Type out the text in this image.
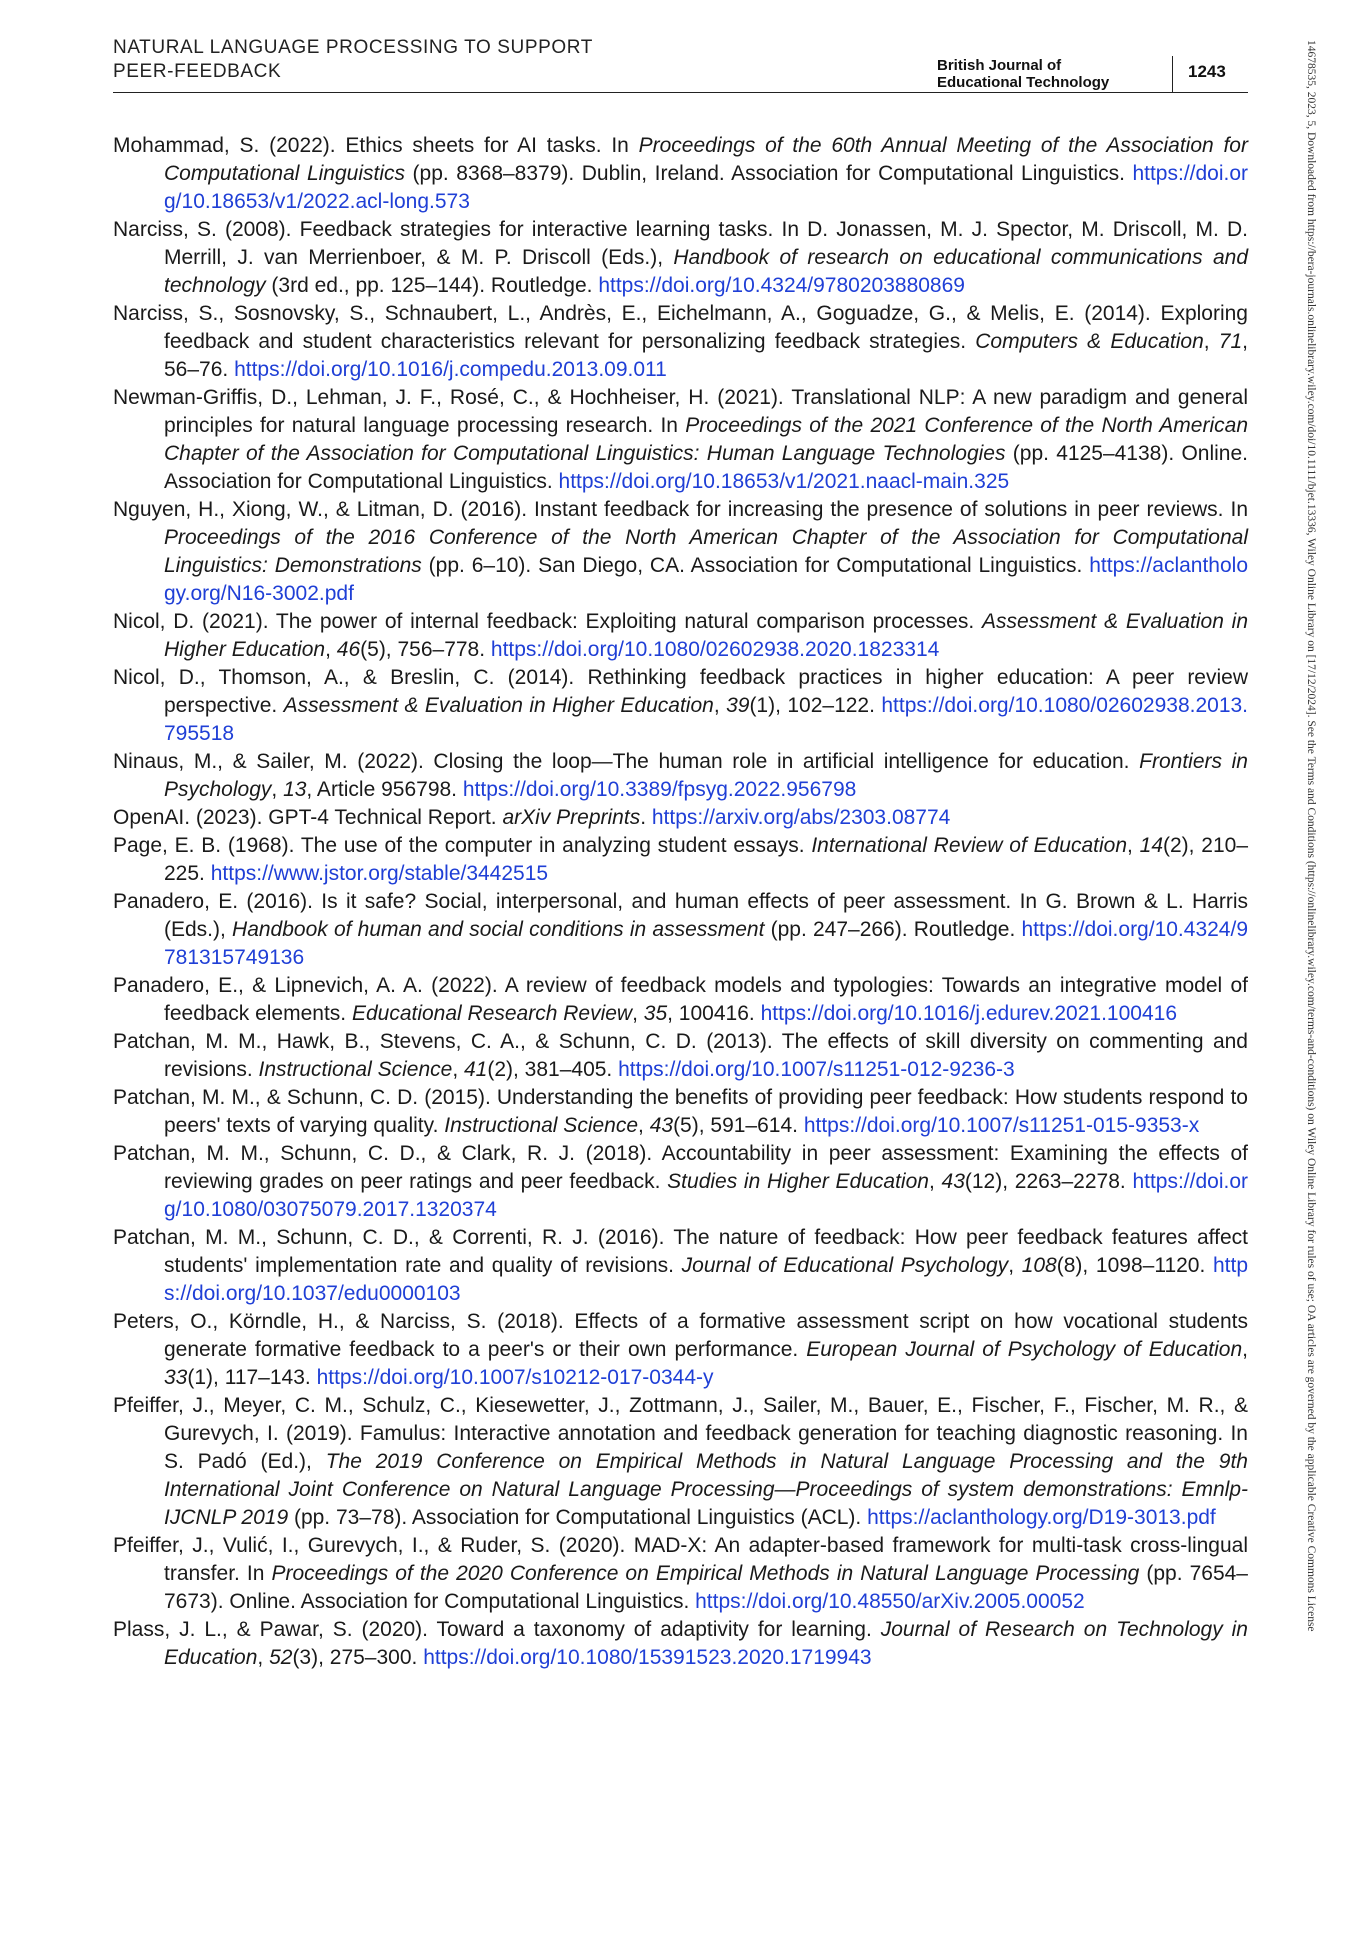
NATURAL LANGUAGE PROCESSING TO SUPPORT
PEER-FEEDBACK	British Journal of
Educational Technology
1243

Mohammad, S. (2022). Ethics sheets for AI tasks. In Proceedings of the 60th Annual Meeting of the Association for Computational Linguistics (pp. 8368–8379). Dublin, Ireland. Association for Computational Linguistics. https://doi.org/10.18653/v1/2022.acl-long.573

Narciss, S. (2008). Feedback strategies for interactive learning tasks. In D. Jonassen, M. J. Spector, M. Driscoll, M. D. Merrill, J. van Merrienboer, & M. P. Driscoll (Eds.), Handbook of research on educational communications and technology (3rd ed., pp. 125–144). Routledge. https://doi.org/10.4324/9780203880869

Narciss, S., Sosnovsky, S., Schnaubert, L., Andrès, E., Eichelmann, A., Goguadze, G., & Melis, E. (2014). Exploring feedback and student characteristics relevant for personalizing feedback strategies. Computers & Education, 71, 56–76. https://doi.org/10.1016/j.compedu.2013.09.011

Newman-Griffis, D., Lehman, J. F., Rosé, C., & Hochheiser, H. (2021). Translational NLP: A new paradigm and general principles for natural language processing research. In Proceedings of the 2021 Conference of the North American Chapter of the Association for Computational Linguistics: Human Language Technologies (pp. 4125–4138). Online. Association for Computational Linguistics. https://doi.org/10.18653/v1/2021.naacl-main.325

Nguyen, H., Xiong, W., & Litman, D. (2016). Instant feedback for increasing the presence of solutions in peer reviews. In Proceedings of the 2016 Conference of the North American Chapter of the Association for Computational Linguistics: Demonstrations (pp. 6–10). San Diego, CA. Association for Computational Linguistics. https://aclanthology.org/N16-3002.pdf

Nicol, D. (2021). The power of internal feedback: Exploiting natural comparison processes. Assessment & Evaluation in Higher Education, 46(5), 756–778. https://doi.org/10.1080/02602938.2020.1823314

Nicol, D., Thomson, A., & Breslin, C. (2014). Rethinking feedback practices in higher education: A peer review perspective. Assessment & Evaluation in Higher Education, 39(1), 102–122. https://doi.org/10.1080/02602938.2013.795518

Ninaus, M., & Sailer, M. (2022). Closing the loop—The human role in artificial intelligence for education. Frontiers in Psychology, 13, Article 956798. https://doi.org/10.3389/fpsyg.2022.956798

OpenAI. (2023). GPT-4 Technical Report. arXiv Preprints. https://arxiv.org/abs/2303.08774

Page, E. B. (1968). The use of the computer in analyzing student essays. International Review of Education, 14(2), 210–225. https://www.jstor.org/stable/3442515

Panadero, E. (2016). Is it safe? Social, interpersonal, and human effects of peer assessment. In G. Brown & L. Harris (Eds.), Handbook of human and social conditions in assessment (pp. 247–266). Routledge. https://doi.org/10.4324/9781315749136

Panadero, E., & Lipnevich, A. A. (2022). A review of feedback models and typologies: Towards an integrative model of feedback elements. Educational Research Review, 35, 100416. https://doi.org/10.1016/j.edurev.2021.100416

Patchan, M. M., Hawk, B., Stevens, C. A., & Schunn, C. D. (2013). The effects of skill diversity on commenting and revisions. Instructional Science, 41(2), 381–405. https://doi.org/10.1007/s11251-012-9236-3

Patchan, M. M., & Schunn, C. D. (2015). Understanding the benefits of providing peer feedback: How students respond to peers' texts of varying quality. Instructional Science, 43(5), 591–614. https://doi.org/10.1007/s11251-015-9353-x

Patchan, M. M., Schunn, C. D., & Clark, R. J. (2018). Accountability in peer assessment: Examining the effects of reviewing grades on peer ratings and peer feedback. Studies in Higher Education, 43(12), 2263–2278. https://doi.org/10.1080/03075079.2017.1320374

Patchan, M. M., Schunn, C. D., & Correnti, R. J. (2016). The nature of feedback: How peer feedback features affect students' implementation rate and quality of revisions. Journal of Educational Psychology, 108(8), 1098–1120. https://doi.org/10.1037/edu0000103

Peters, O., Körndle, H., & Narciss, S. (2018). Effects of a formative assessment script on how vocational students generate formative feedback to a peer's or their own performance. European Journal of Psychology of Education, 33(1), 117–143. https://doi.org/10.1007/s10212-017-0344-y

Pfeiffer, J., Meyer, C. M., Schulz, C., Kiesewetter, J., Zottmann, J., Sailer, M., Bauer, E., Fischer, F., Fischer, M. R., & Gurevych, I. (2019). Famulus: Interactive annotation and feedback generation for teaching diagnostic reasoning. In S. Padó (Ed.), The 2019 Conference on Empirical Methods in Natural Language Processing and the 9th International Joint Conference on Natural Language Processing—Proceedings of system demonstrations: Emnlp-IJCNLP 2019 (pp. 73–78). Association for Computational Linguistics (ACL). https://aclanthology.org/D19-3013.pdf

Pfeiffer, J., Vulić, I., Gurevych, I., & Ruder, S. (2020). MAD-X: An adapter-based framework for multi-task cross-lingual transfer. In Proceedings of the 2020 Conference on Empirical Methods in Natural Language Processing (pp. 7654–7673). Online. Association for Computational Linguistics. https://doi.org/10.48550/arXiv.2005.00052

Plass, J. L., & Pawar, S. (2020). Toward a taxonomy of adaptivity for learning. Journal of Research on Technology in Education, 52(3), 275–300. https://doi.org/10.1080/15391523.2020.1719943

14678535, 2023, 5, Downloaded from https://bera-journals.onlinelibrary.wiley.com/doi/10.1111/bjet.13336, Wiley Online Library on [17/12/2024]. See the Terms and Conditions (https://onlinelibrary.wiley.com/terms-and-conditions) on Wiley Online Library for rules of use; OA articles are governed by the applicable Creative Commons License
